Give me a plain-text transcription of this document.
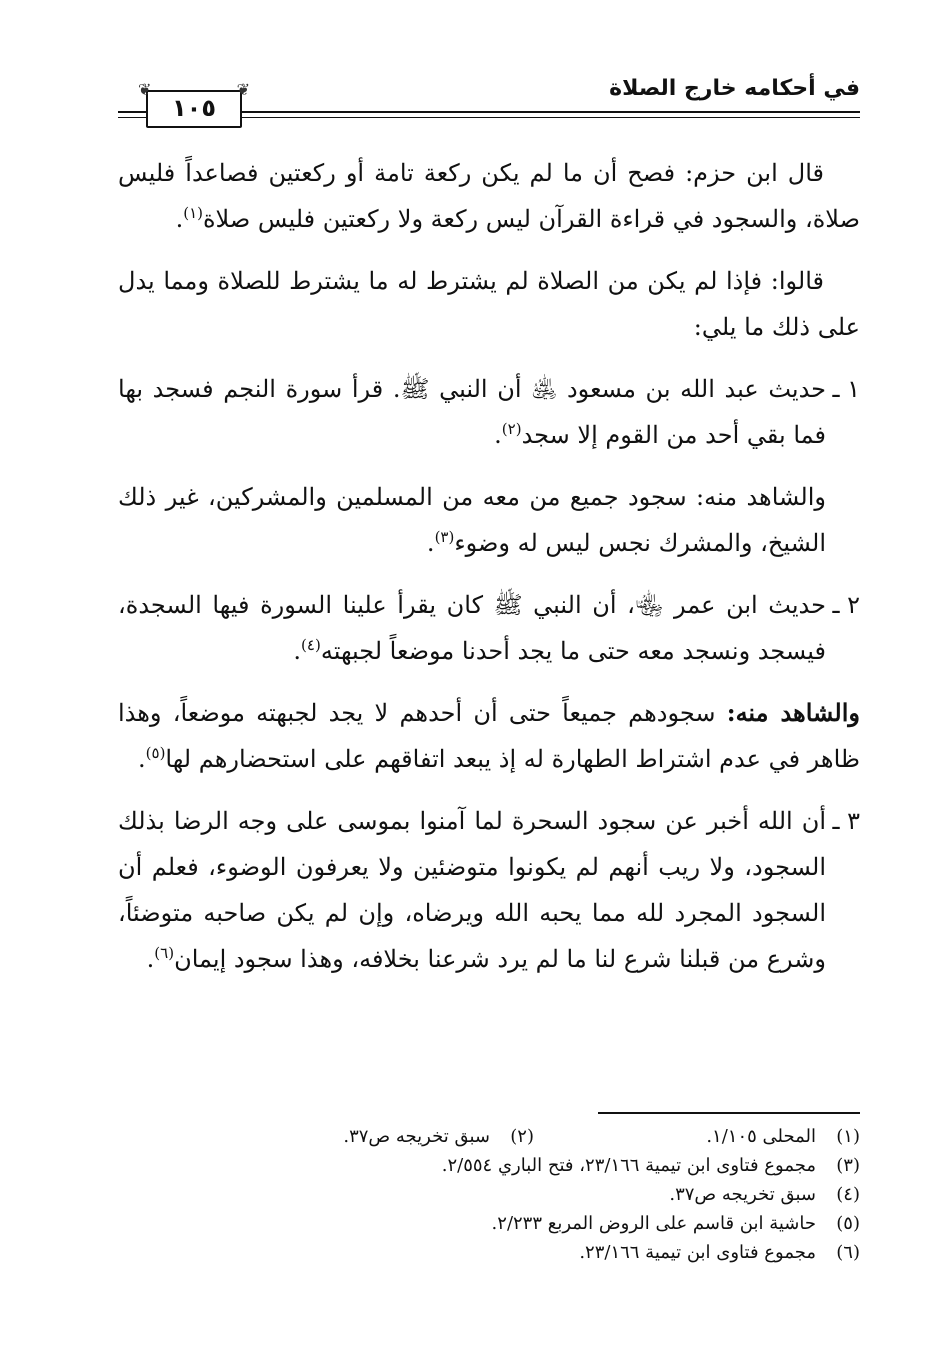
في أحكامه خارج الصلاة
❦
١٠٥
❦

قال ابن حزم: فصح أن ما لم يكن ركعة تامة أو ركعتين فصاعداً فليس صلاة، والسجود في قراءة القرآن ليس ركعة ولا ركعتين فليس صلاة$^{(١)}$.

قالوا: فإذا لم يكن من الصلاة لم يشترط له ما يشترط للصلاة ومما يدل على ذلك ما يلي:

١ ـ
حديث عبد الله بن مسعود ﵁ أن النبي ﷺ. قرأ سورة النجم فسجد بها فما بقي أحد من القوم إلا سجد$^{(٢)}$.

والشاهد منه: سجود جميع من معه من المسلمين والمشركين، غير ذلك الشيخ، والمشرك نجس ليس له وضوء$^{(٣)}$.

٢ ـ
حديث ابن عمر ﵄، أن النبي ﷺ كان يقرأ علينا السورة فيها السجدة، فيسجد ونسجد معه حتى ما يجد أحدنا موضعاً لجبهته$^{(٤)}$.

والشاهد منه: سجودهم جميعاً حتى أن أحدهم لا يجد لجبهته موضعاً، وهذا ظاهر في عدم اشتراط الطهارة له إذ يبعد اتفاقهم على استحضارهم لها$^{(٥)}$.

٣ ـ
أن الله أخبر عن سجود السحرة لما آمنوا بموسى على وجه الرضا بذلك السجود، ولا ريب أنهم لم يكونوا متوضئين ولا يعرفون الوضوء، فعلم أن السجود المجرد لله مما يحبه الله ويرضاه، وإن لم يكن صاحبه متوضئاً، وشرع من قبلنا شرع لنا ما لم يرد شرعنا بخلافه، وهذا سجود إيمان$^{(٦)}$.

(١)
المحلى ١/١٠٥.
(٢)
سبق تخريجه ص٣٧.
(٣)
مجموع فتاوى ابن تيمية ٢٣/١٦٦، فتح الباري ٢/٥٥٤.
(٤)
سبق تخريجه ص٣٧.
(٥)
حاشية ابن قاسم على الروض المربع ٢/٢٣٣.
(٦)
مجموع فتاوى ابن تيمية ٢٣/١٦٦.
